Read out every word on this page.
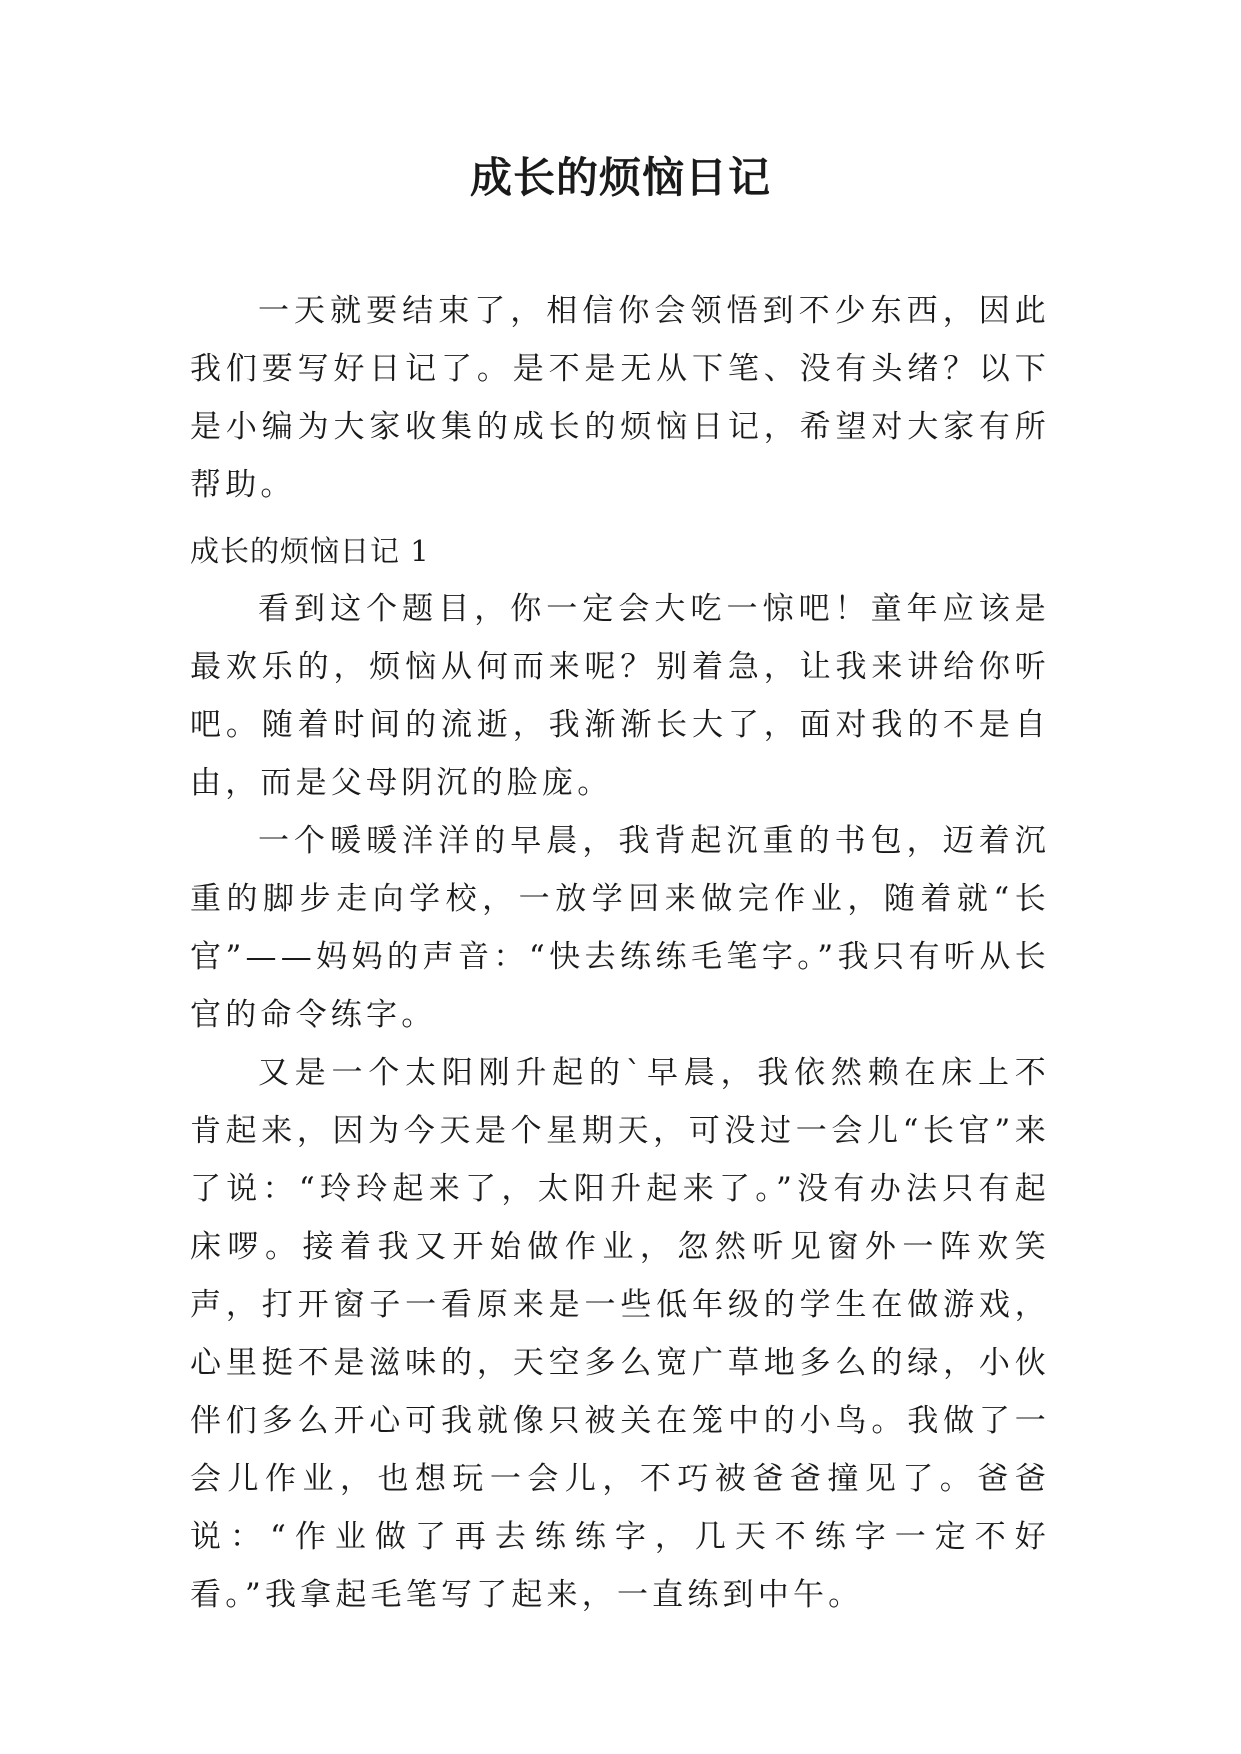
成长的烦恼日记

一天就要结束了，相信你会领悟到不少东西，因此我们要写好日记了。是不是无从下笔、没有头绪？以下是小编为大家收集的成长的烦恼日记，希望对大家有所帮助。

成长的烦恼日记 1

看到这个题目，你一定会大吃一惊吧！童年应该是最欢乐的，烦恼从何而来呢？别着急，让我来讲给你听吧。随着时间的流逝，我渐渐长大了，面对我的不是自由，而是父母阴沉的脸庞。

一个暖暖洋洋的早晨，我背起沉重的书包，迈着沉重的脚步走向学校，一放学回来做完作业，随着就“长官”——妈妈的声音：“快去练练毛笔字。”我只有听从长官的命令练字。

又是一个太阳刚升起的`早晨，我依然赖在床上不肯起来，因为今天是个星期天，可没过一会儿“长官”来了说：“玲玲起来了，太阳升起来了。”没有办法只有起床啰。接着我又开始做作业，忽然听见窗外一阵欢笑声，打开窗子一看原来是一些低年级的学生在做游戏，心里挺不是滋味的，天空多么宽广草地多么的绿，小伙伴们多么开心可我就像只被关在笼中的小鸟。我做了一会儿作业，也想玩一会儿，不巧被爸爸撞见了。爸爸说：“作业做了再去练练字，几天不练字一定不好看。”我拿起毛笔写了起来，一直练到中午。
